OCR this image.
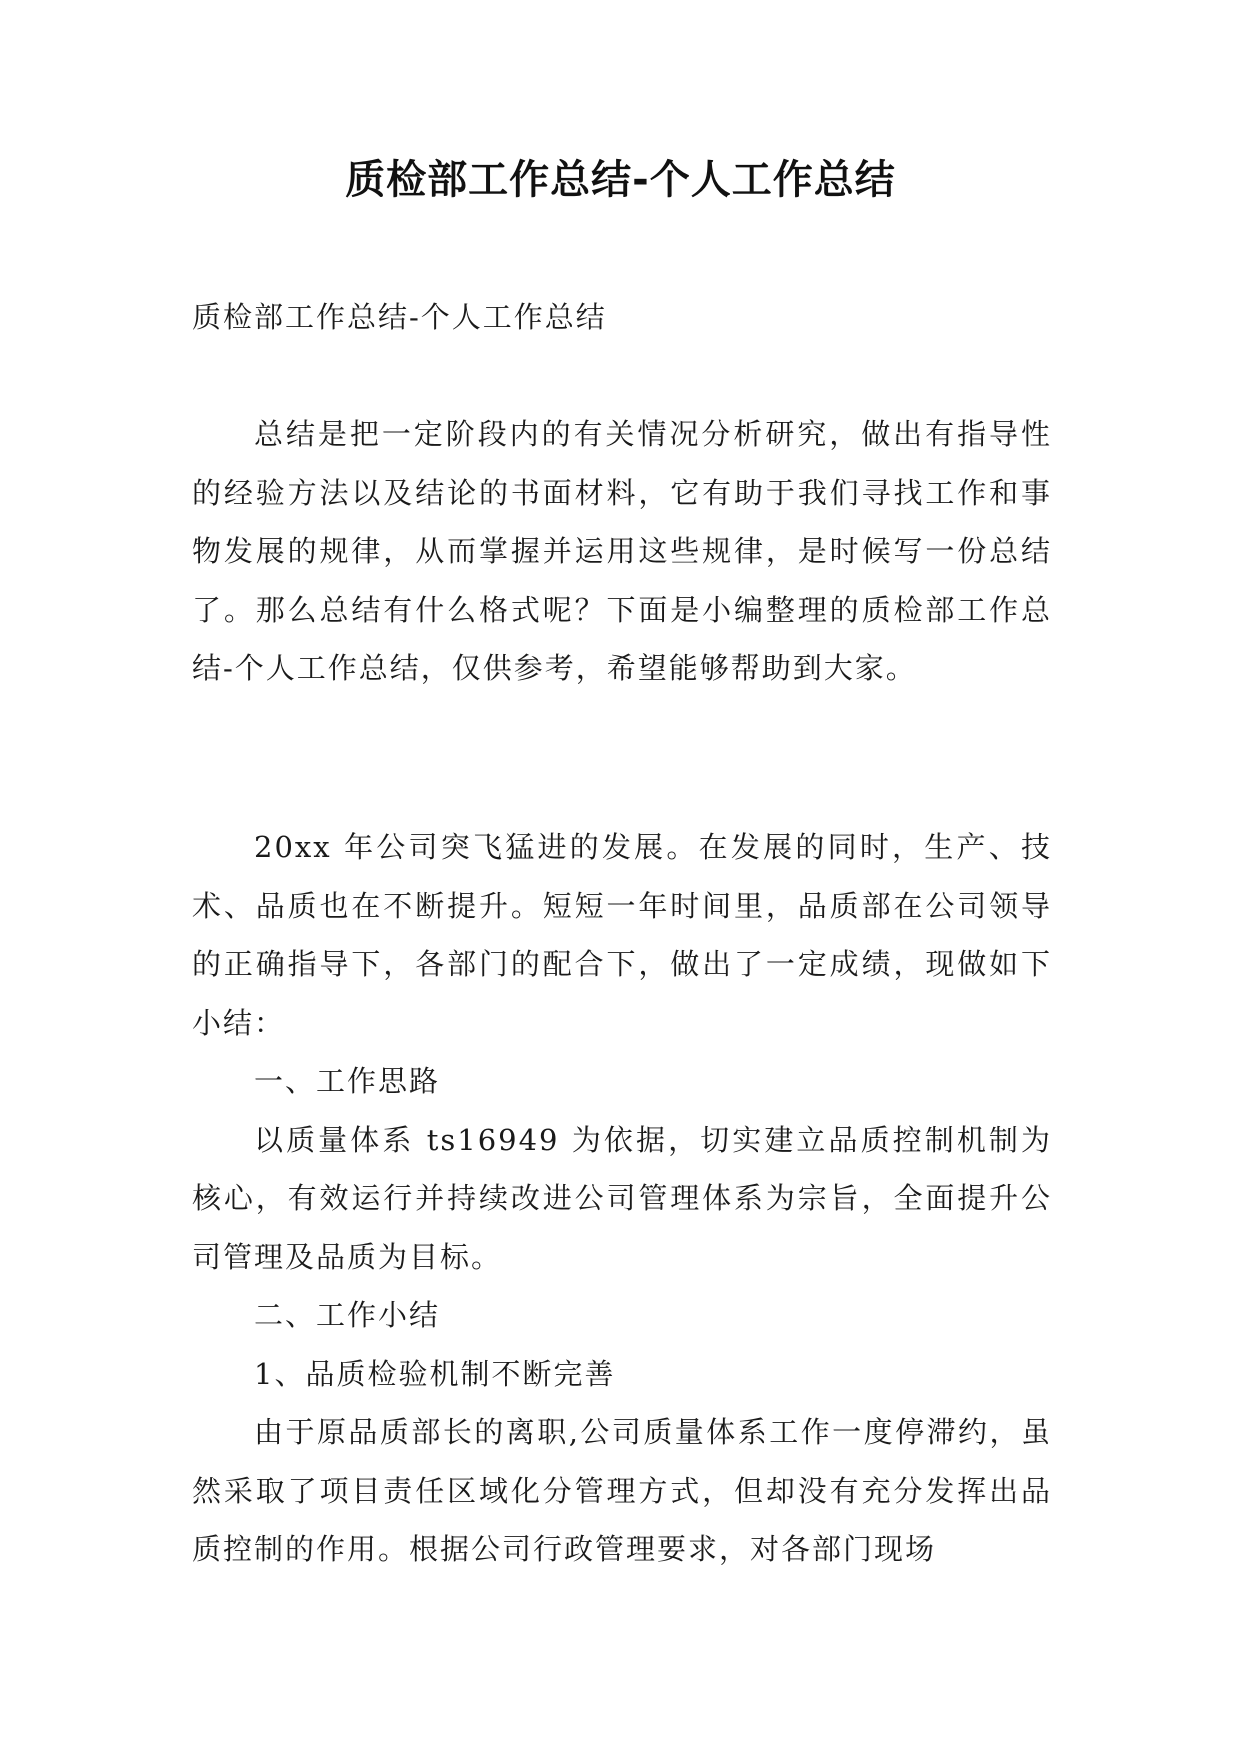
质检部工作总结-个人工作总结

质检部工作总结-个人工作总结

总结是把一定阶段内的有关情况分析研究，做出有指导性的经验方法以及结论的书面材料，它有助于我们寻找工作和事物发展的规律，从而掌握并运用这些规律，是时候写一份总结了。那么总结有什么格式呢？下面是小编整理的质检部工作总结-个人工作总结，仅供参考，希望能够帮助到大家。

20xx 年公司突飞猛进的发展。在发展的同时，生产、技术、品质也在不断提升。短短一年时间里，品质部在公司领导的正确指导下，各部门的配合下，做出了一定成绩，现做如下小结：

一、工作思路

以质量体系 ts16949 为依据，切实建立品质控制机制为核心，有效运行并持续改进公司管理体系为宗旨，全面提升公司管理及品质为目标。

二、工作小结

1、品质检验机制不断完善

由于原品质部长的离职,公司质量体系工作一度停滞约，虽然采取了项目责任区域化分管理方式，但却没有充分发挥出品质控制的作用。根据公司行政管理要求，对各部门现场
